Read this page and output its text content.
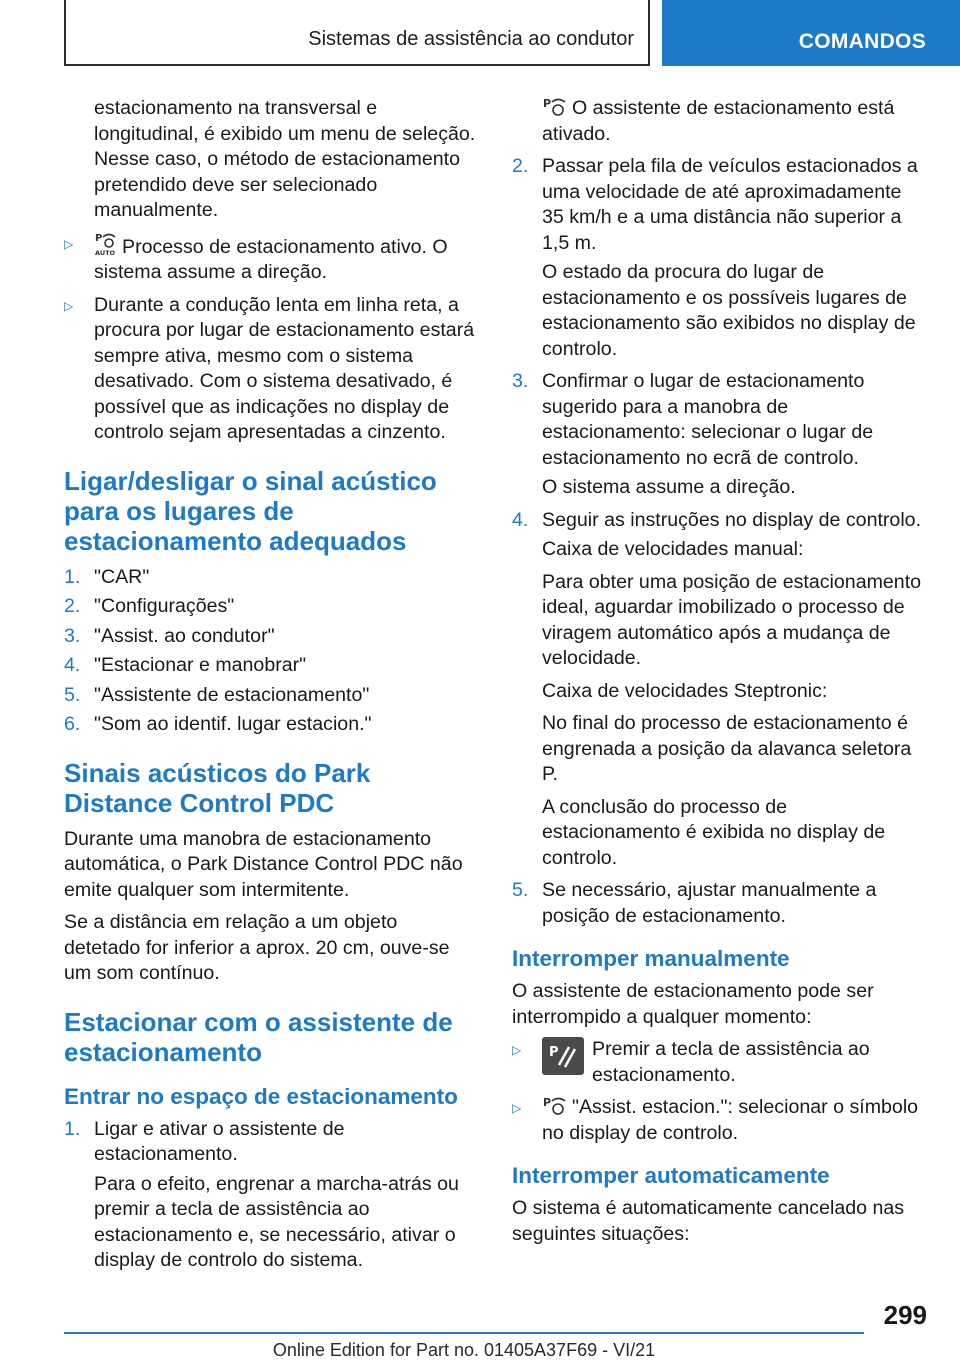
Sistemas de assistência ao condutor	COMANDOS

estacionamento na transversal e longitudinal, é exibido um menu de seleção. Nesse caso, o método de estacionamento pretendido deve ser selecionado manualmente.

▷ P
AUTO Processo de estacionamento ativo. O sistema assume a direção.
▷ Durante a condução lenta em linha reta, a procura por lugar de estacionamento estará sempre ativa, mesmo com o sistema desativado. Com o sistema desativado, é possível que as indicações no display de controlo sejam apresentadas a cinzento.
Ligar/desligar o sinal acústico para os lugares de estacionamento adequados
1. "CAR"
2. "Configurações"
3. "Assist. ao condutor"
4. "Estacionar e manobrar"
5. "Assistente de estacionamento"
6. "Som ao identif. lugar estacion."
Sinais acústicos do Park Distance Control PDC

Durante uma manobra de estacionamento automática, o Park Distance Control PDC não emite qualquer som intermitente.

Se a distância em relação a um objeto detetado for inferior a aprox. 20 cm, ouve-se um som contínuo.

Estacionar com o assistente de estacionamento
Entrar no espaço de estacionamento
1. Ligar e ativar o assistente de estacionamento.

Para o efeito, engrenar a marcha-atrás ou premir a tecla de assistência ao estacionamento e, se necessário, ativar o display de controlo do sistema.

P O assistente de estacionamento está ativado.

2. Passar pela fila de veículos estacionados a uma velocidade de até aproximadamente 35 km/h e a uma distância não superior a 1,5 m.

O estado da procura do lugar de estacionamento e os possíveis lugares de estacionamento são exibidos no display de controlo.

3. Confirmar o lugar de estacionamento sugerido para a manobra de estacionamento: selecionar o lugar de estacionamento no ecrã de controlo.

O sistema assume a direção.

4. Seguir as instruções no display de controlo.

Caixa de velocidades manual:

Para obter uma posição de estacionamento ideal, aguardar imobilizado o processo de viragem automático após a mudança de velocidade.

Caixa de velocidades Steptronic:

No final do processo de estacionamento é engrenada a posição da alavanca seletora P.

A conclusão do processo de estacionamento é exibida no display de controlo.

5. Se necessário, ajustar manualmente a posição de estacionamento.
Interromper manualmente

O assistente de estacionamento pode ser interrompido a qualquer momento:

▷ P Premir a tecla de assistência ao estacionamento.
▷ P "Assist. estacion.": selecionar o símbolo no display de controlo.
Interromper automaticamente

O sistema é automaticamente cancelado nas seguintes situações:

299
Online Edition for Part no. 01405A37F69 - VI/21
